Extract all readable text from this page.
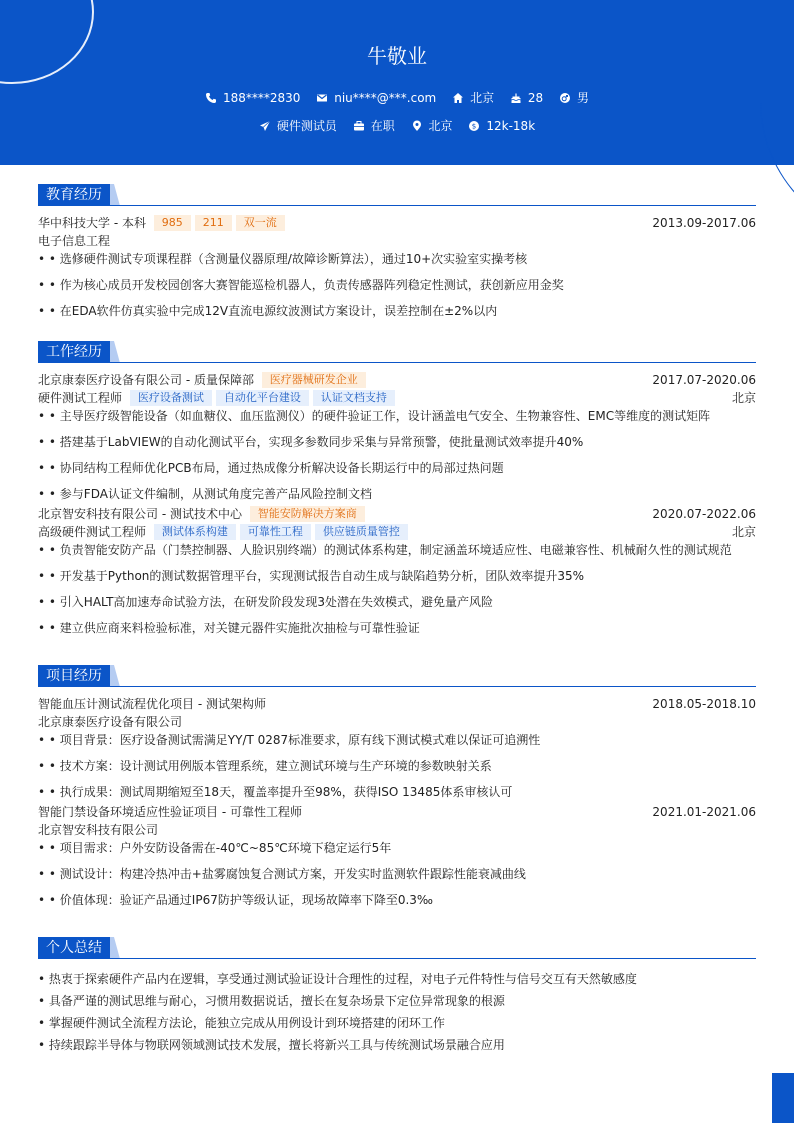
牛敬业
188****2830	niu****@***.com	北京	28	男
硬件测试员	在职	北京	$ 12k-18k
教育经历
华中科技大学 - 本科 985 211 双一流	2013.09-2017.06
电子信息工程
• • 选修硬件测试专项课程群（含测量仪器原理/故障诊断算法），通过10+次实验室实操考核
• • 作为核心成员开发校园创客大赛智能巡检机器人，负责传感器阵列稳定性测试，获创新应用金奖
• • 在EDA软件仿真实验中完成12V直流电源纹波测试方案设计，误差控制在±2%以内
工作经历
北京康泰医疗设备有限公司 - 质量保障部 医疗器械研发企业	2017.07-2020.06
硬件测试工程师 医疗设备测试 自动化平台建设 认证文档支持	北京
• • 主导医疗级智能设备（如血糖仪、血压监测仪）的硬件验证工作，设计涵盖电气安全、生物兼容性、EMC等维度的测试矩阵
• • 搭建基于LabVIEW的自动化测试平台，实现多参数同步采集与异常预警，使批量测试效率提升40%
• • 协同结构工程师优化PCB布局，通过热成像分析解决设备长期运行中的局部过热问题
• • 参与FDA认证文件编制，从测试角度完善产品风险控制文档
北京智安科技有限公司 - 测试技术中心 智能安防解决方案商	2020.07-2022.06
高级硬件测试工程师 测试体系构建 可靠性工程 供应链质量管控	北京
• • 负责智能安防产品（门禁控制器、人脸识别终端）的测试体系构建，制定涵盖环境适应性、电磁兼容性、机械耐久性的测试规范
• • 开发基于Python的测试数据管理平台，实现测试报告自动生成与缺陷趋势分析，团队效率提升35%
• • 引入HALT高加速寿命试验方法，在研发阶段发现3处潜在失效模式，避免量产风险
• • 建立供应商来料检验标准，对关键元器件实施批次抽检与可靠性验证
项目经历
智能血压计测试流程优化项目 - 测试架构师	2018.05-2018.10
北京康泰医疗设备有限公司
• • 项目背景：医疗设备测试需满足YY/T 0287标准要求，原有线下测试模式难以保证可追溯性
• • 技术方案：设计测试用例版本管理系统，建立测试环境与生产环境的参数映射关系
• • 执行成果：测试周期缩短至18天，覆盖率提升至98%，获得ISO 13485体系审核认可
智能门禁设备环境适应性验证项目 - 可靠性工程师	2021.01-2021.06
北京智安科技有限公司
• • 项目需求：户外安防设备需在-40℃~85℃环境下稳定运行5年
• • 测试设计：构建冷热冲击+盐雾腐蚀复合测试方案，开发实时监测软件跟踪性能衰减曲线
• • 价值体现：验证产品通过IP67防护等级认证，现场故障率下降至0.3‰
个人总结
• 热衷于探索硬件产品内在逻辑，享受通过测试验证设计合理性的过程，对电子元件特性与信号交互有天然敏感度
• 具备严谨的测试思维与耐心，习惯用数据说话，擅长在复杂场景下定位异常现象的根源
• 掌握硬件测试全流程方法论，能独立完成从用例设计到环境搭建的闭环工作
• 持续跟踪半导体与物联网领域测试技术发展，擅长将新兴工具与传统测试场景融合应用
